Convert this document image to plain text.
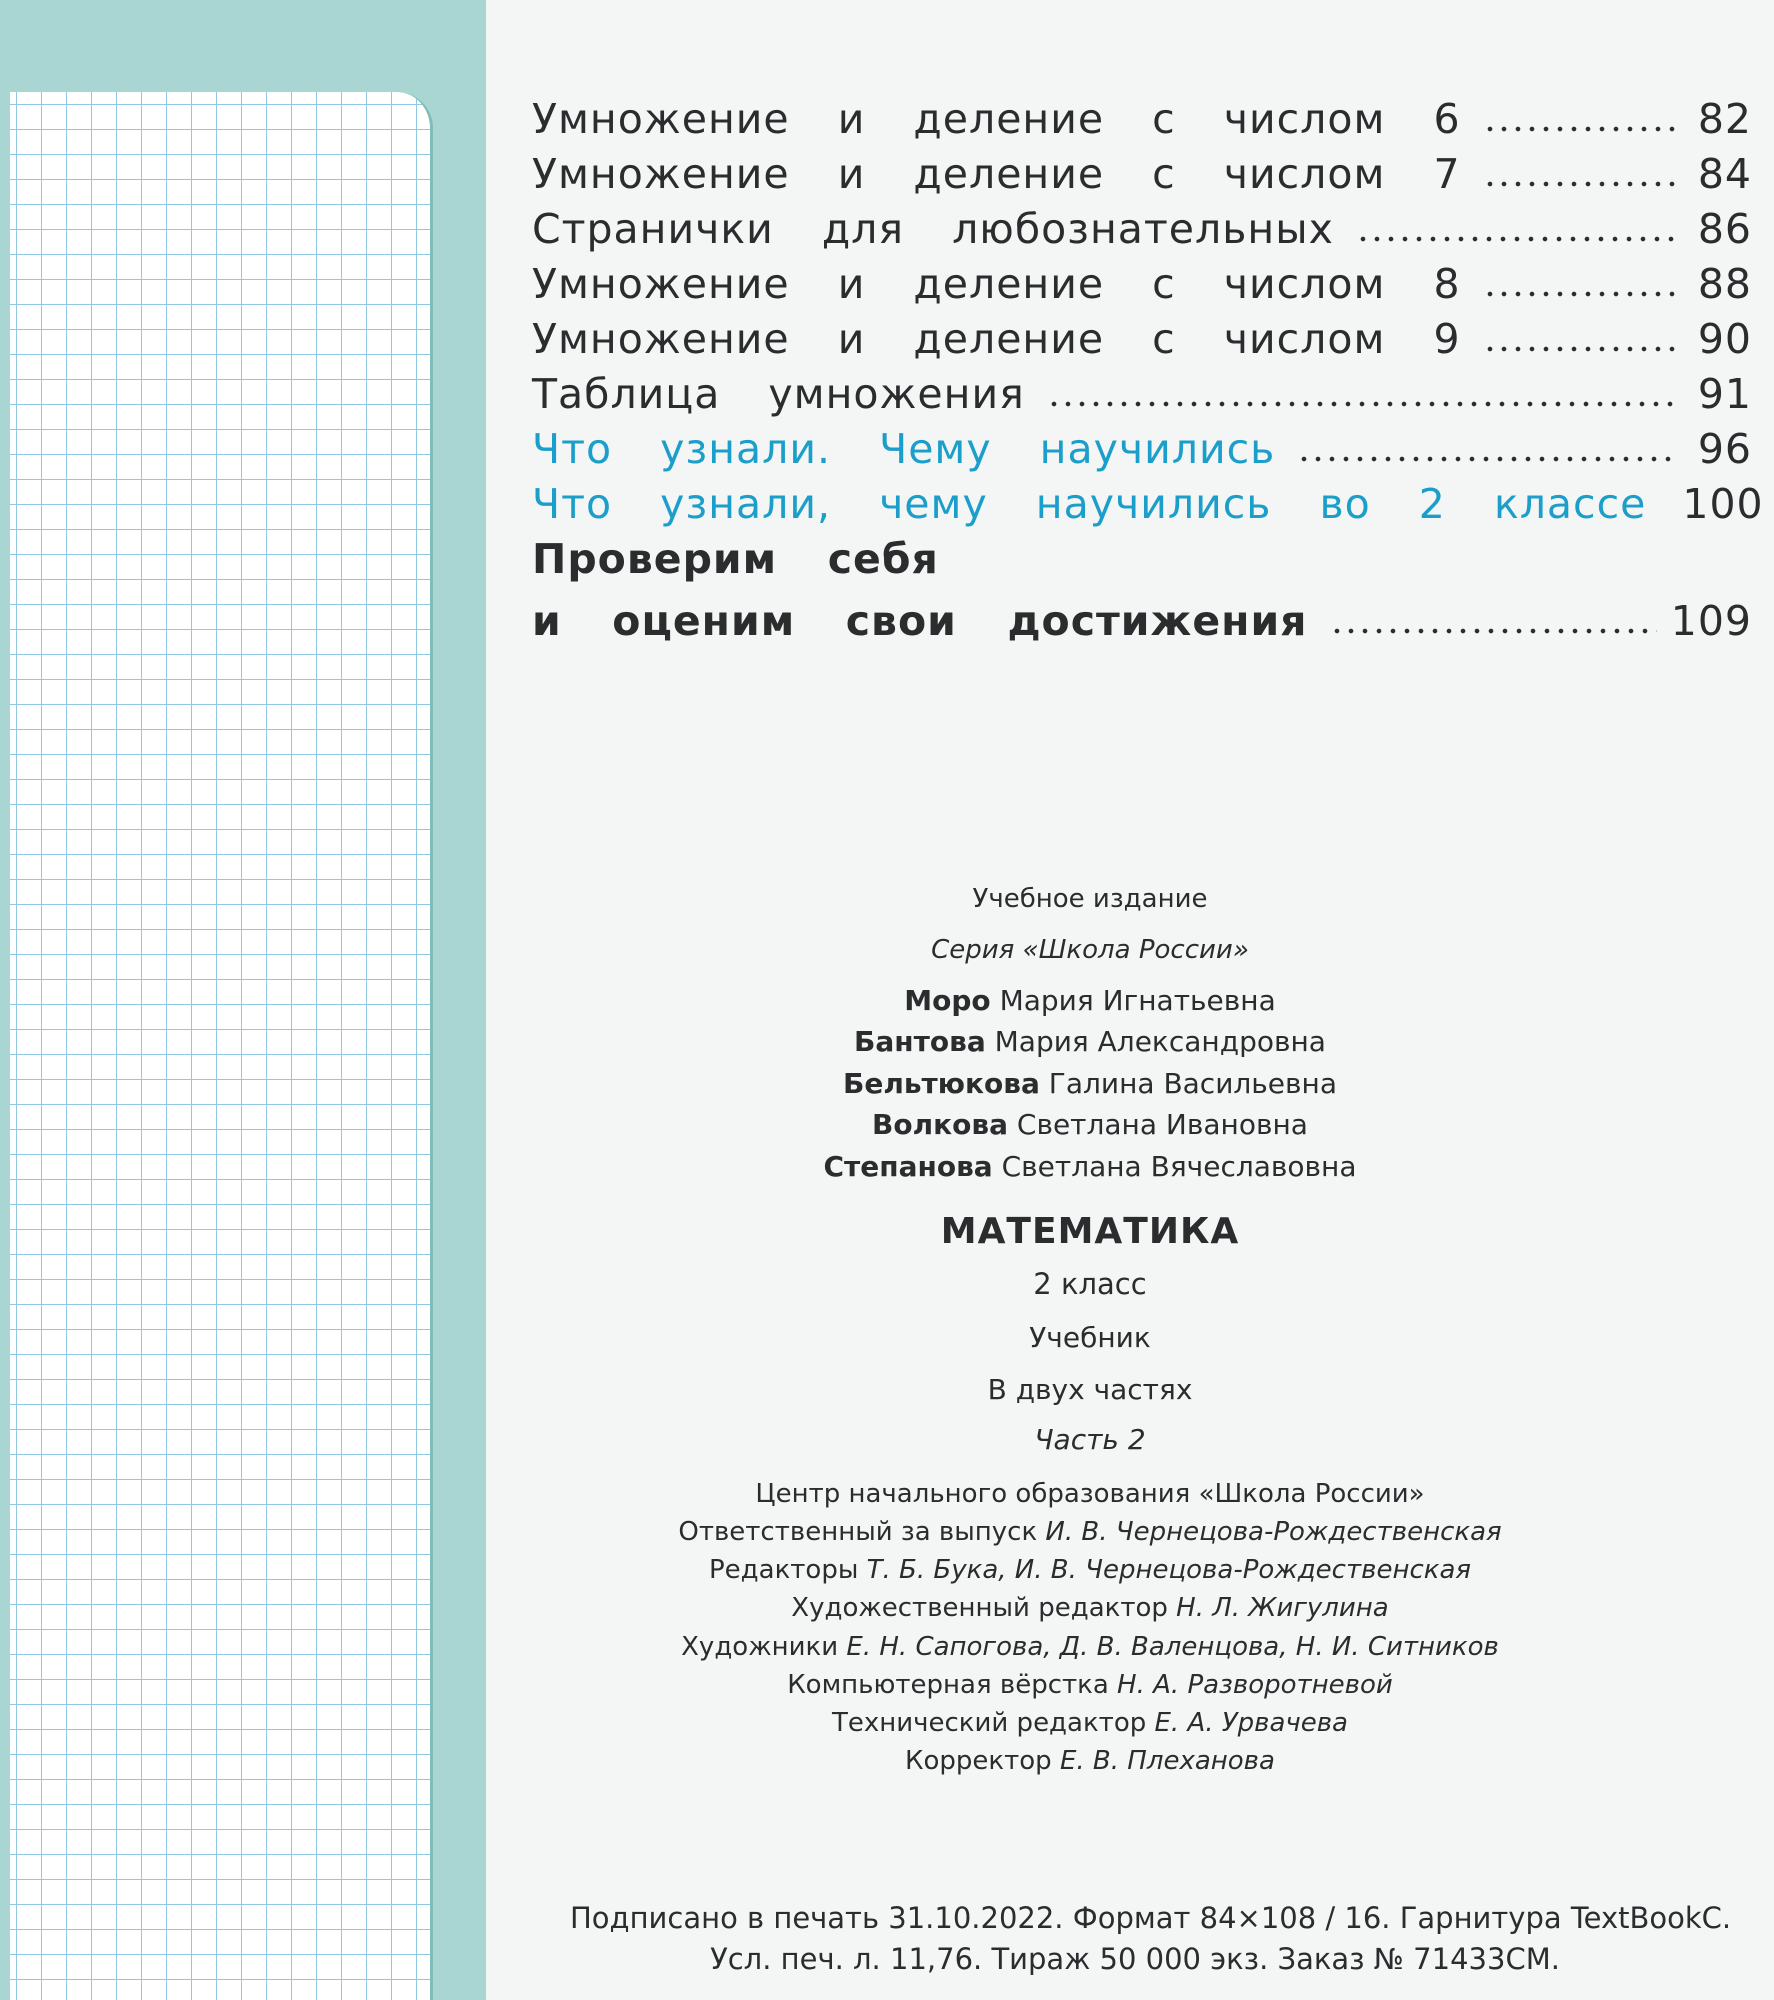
Умножение  и  деление  с  числом  6	82
Умножение  и  деление  с  числом  7	84
Странички  для  любознательных	86
Умножение  и  деление  с  числом  8	88
Умножение  и  деление  с  числом  9	90
Таблица  умножения	91
Что  узнали.  Чему  научились	96
Что  узнали,  чему  научились  во  2  классе 100
Проверим  себя
и  оценим  свои  достижения	109
Учебное издание
Серия «Школа России»
Моро Мария Игнатьевна
Бантова Мария Александровна
Бельтюкова Галина Васильевна
Волкова Светлана Ивановна
Степанова Светлана Вячеславовна
МАТЕМАТИКА
2 класс
Учебник
В двух частях
Часть 2
Центр начального образования «Школа России»
Ответственный за выпуск И. В. Чернецова-Рождественская
Редакторы Т. Б. Бука, И. В. Чернецова-Рождественская
Художественный редактор Н. Л. Жигулина
Художники Е. Н. Сапогова, Д. В. Валенцова, Н. И. Ситников
Компьютерная вёрстка Н. А. Разворотневой
Технический редактор Е. А. Урвачева
Корректор Е. В. Плеханова
Подписано в печать 31.10.2022. Формат 84×108 / 16. Гарнитура TextBookC.
Усл. печ. л. 11,76. Тираж 50 000 экз. Заказ № 71433СМ.
